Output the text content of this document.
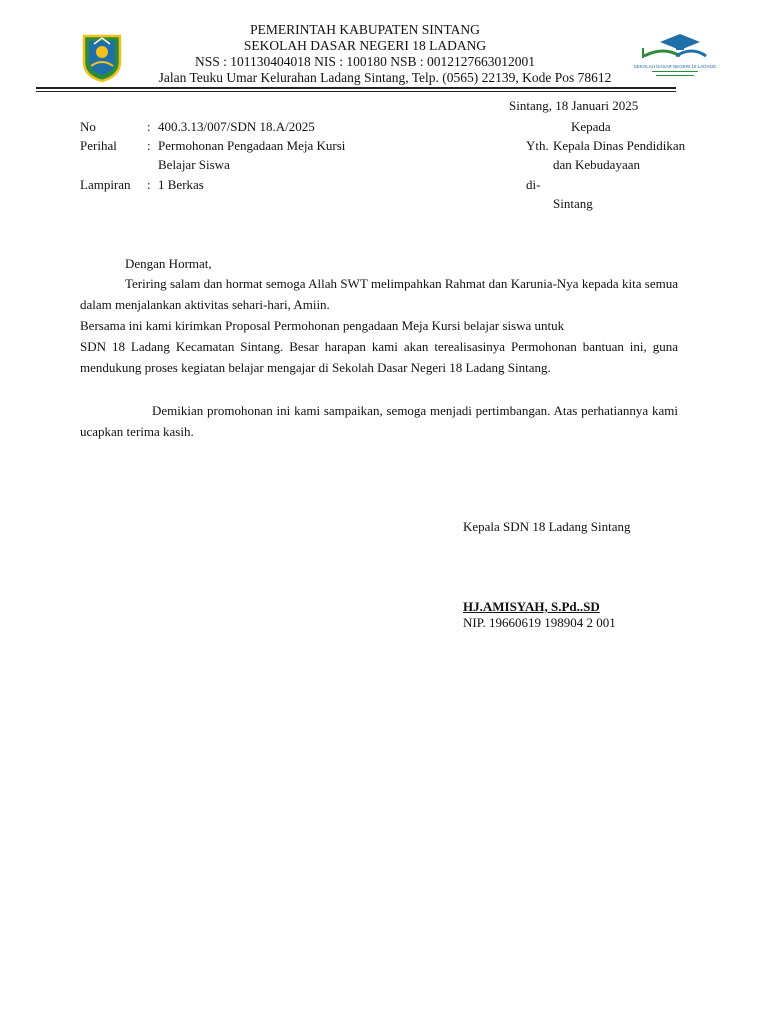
SEKOLAH DASAR NEGERI 18 LADANG
PEMERINTAH KABUPATEN SINTANG
SEKOLAH DASAR NEGERI 18 LADANG
NSS : 101130404018 NIS : 100180 NSB : 0012127663012001
Jalan Teuku Umar Kelurahan Ladang Sintang, Telp. (0565) 22139, Kode Pos 78612
Sintang, 18 Januari 2025
No	: 400.3.13/007/SDN 18.A/2025
Perihal : Permohonan Pengadaan Meja Kursi
Belajar Siswa
Lampiran : 1 Berkas
Kepada
Yth. Kepala Dinas Pendidikan
dan Kebudayaan
di-
Sintang
Dengan Hormat,
Teriring salam dan hormat semoga Allah SWT melimpahkan Rahmat dan Karunia-Nya kepada kita semua dalam menjalankan aktivitas sehari-hari, Amiin.
Bersama ini kami kirimkan Proposal Permohonan pengadaan Meja Kursi belajar siswa untuk
SDN 18 Ladang Kecamatan Sintang. Besar harapan kami akan terealisasinya Permohonan bantuan ini, guna mendukung proses kegiatan belajar mengajar di Sekolah Dasar Negeri 18 Ladang Sintang.
Demikian promohonan ini kami sampaikan, semoga menjadi pertimbangan. Atas perhatiannya kami ucapkan terima kasih.
Kepala SDN 18 Ladang Sintang
HJ.AMISYAH, S.Pd..SD
NIP. 19660619 198904 2 001
